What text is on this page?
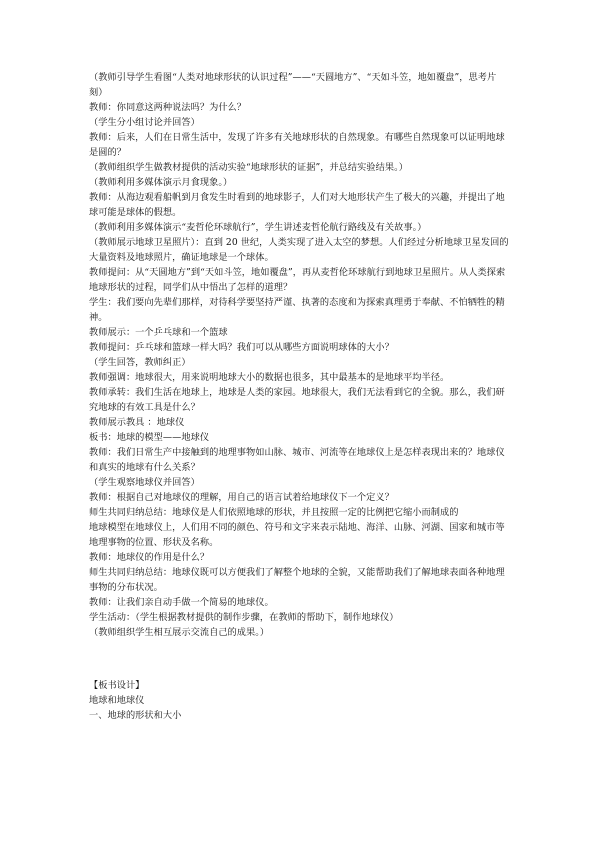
（教师引导学生看图“人类对地球形状的认识过程”——“天圆地方”、“天如斗笠，地如覆盘”，思考片刻）

教师：你同意这两种说法吗？为什么？

（学生分小组讨论并回答）

教师：后来，人们在日常生活中，发现了许多有关地球形状的自然现象。有哪些自然现象可以证明地球是圆的？

（教师组织学生做教材提供的活动实验“地球形状的证据”，并总结实验结果。）

（教师利用多媒体演示月食现象。）

教师：从海边观看船帆到月食发生时看到的地球影子，人们对大地形状产生了极大的兴趣，并提出了地球可能是球体的假想。

（教师利用多媒体演示“麦哲伦环球航行”，学生讲述麦哲伦航行路线及有关故事。）

（教师展示地球卫星照片）：直到 20 世纪，人类实现了进入太空的梦想。人们经过分析地球卫星发回的大量资料及地球照片，确证地球是一个球体。

教师提问：从“天圆地方”到“天如斗笠，地如覆盘”，再从麦哲伦环球航行到地球卫星照片。从人类探索地球形状的过程，同学们从中悟出了怎样的道理？

学生：我们要向先辈们那样，对待科学要坚持严谨、执著的态度和为探索真理勇于奉献、不怕牺牲的精神。

教师展示：一个乒乓球和一个篮球

教师提问：乒乓球和篮球一样大吗？我们可以从哪些方面说明球体的大小？

（学生回答，教师纠正）

教师强调：地球很大，用来说明地球大小的数据也很多，其中最基本的是地球平均半径。

教师承转：我们生活在地球上，地球是人类的家园。地球很大，我们无法看到它的全貌。那么，我们研究地球的有效工具是什么？

教师展示教具 ：地球仪

板书：地球的模型——地球仪

教师：我们日常生产中接触到的地理事物如山脉、城市、河流等在地球仪上是怎样表现出来的？地球仪和真实的地球有什么关系？

（学生观察地球仪并回答）

教师：根据自己对地球仪的理解，用自己的语言试着给地球仪下一个定义？

师生共同归纳总结：地球仪是人们依照地球的形状，并且按照一定的比例把它缩小而制成的

地球模型在地球仪上，人们用不同的颜色、符号和文字来表示陆地、海洋、山脉、河湖、国家和城市等地理事物的位置、形状及名称。

教师：地球仪的作用是什么？

师生共同归纳总结：地球仪既可以方便我们了解整个地球的全貌，又能帮助我们了解地球表面各种地理事物的分布状况。

教师：让我们亲自动手做一个简易的地球仪。

学生活动：（学生根据教材提供的制作步骤，在教师的帮助下，制作地球仪）

（教师组织学生相互展示交流自己的成果。）

【板书设计】

地球和地球仪

一、地球的形状和大小
